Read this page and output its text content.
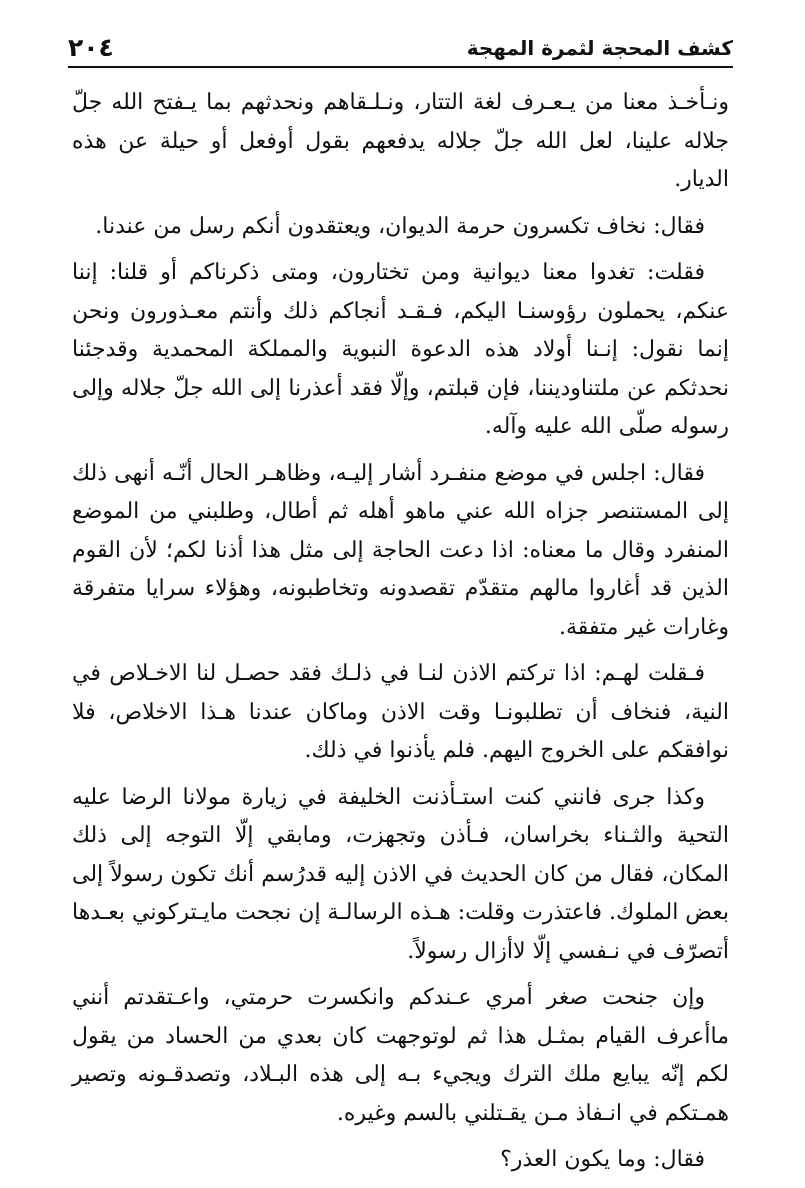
٢٠٤	كشف المحجة لثمرة المهجة

ونـأخـذ معنا من يـعـرف لغة التتار، ونـلـقاهم ونحدثهم بما يـفتح الله جلّ جلاله علينا، لعل الله جلّ جلاله يدفعهم بقول أوفعل أو حيلة عن هذه الديار.

فقال: نخاف تكسرون حرمة الديوان، ويعتقدون أنكم رسل من عندنا.

فقلت: تغدوا معنا ديوانية ومن تختارون، ومتى ذكرناكم أو قلنا: إننا عنكم، يحملون رؤوسنـا اليكم، فـقـد أنجاكم ذلك وأنتم معـذورون ونحن إنما نقول: إنـنا أولاد هذه الدعوة النبوية والمملكة المحمدية وقدجئنا نحدثكم عن ملتناوديننا، فإن قبلتم، وإلّا فقد أعذرنا إلى الله جلّ جلاله وإلى رسوله صلّى الله عليه وآله.

فقال: اجلس في موضع منفـرد أشار إليـه، وظاهـر الحال أنّـه أنهى ذلك إلى المستنصر جزاه الله عني ماهو أهله ثم أطال، وطلبني من الموضع المنفرد وقال ما معناه: اذا دعت الحاجة إلى مثل هذا أذنا لكم؛ لأن القوم الذين قد أغاروا مالهم متقدّم تقصدونه وتخاطبونه، وهؤلاء سرايا متفرقة وغارات غير متفقة.

فـقلت لهـم: اذا تركتم الاذن لنـا في ذلـك فقد حصـل لنا الاخـلاص في النية، فنخاف أن تطلبونـا وقت الاذن وماكان عندنا هـذا الاخلاص، فلا نوافقكم على الخروج اليهم. فلم يأذنوا في ذلك.

وكذا جرى فانني كنت استـأذنت الخليفة في زيارة مولانا الرضا عليه التحية والثـناء بخراسان، فـأذن وتجهزت، ومابقي إلّا التوجه إلى ذلك المكان، فقال من كان الحديث في الاذن إليه قدرُسم أنك تكون رسولاً إلى بعض الملوك. فاعتذرت وقلت: هـذه الرسالـة إن نجحت مايـتركوني بعـدها أتصرّف في نـفسي إلّا لاأزال رسولاً.

وإن جنحت صغر أمري عـندكم وانكسرت حرمتي، واعـتقدتم أنني ماأعرف القيام بمثـل هذا ثم لوتوجهت كان بعدي من الحساد من يقول لكم إنّه يبايع ملك الترك ويجيء بـه إلى هذه البـلاد، وتصدقـونه وتصير همـتكم في انـفاذ مـن يقـتلني بالسم وغيره.

فقال: وما يكون العذر؟
